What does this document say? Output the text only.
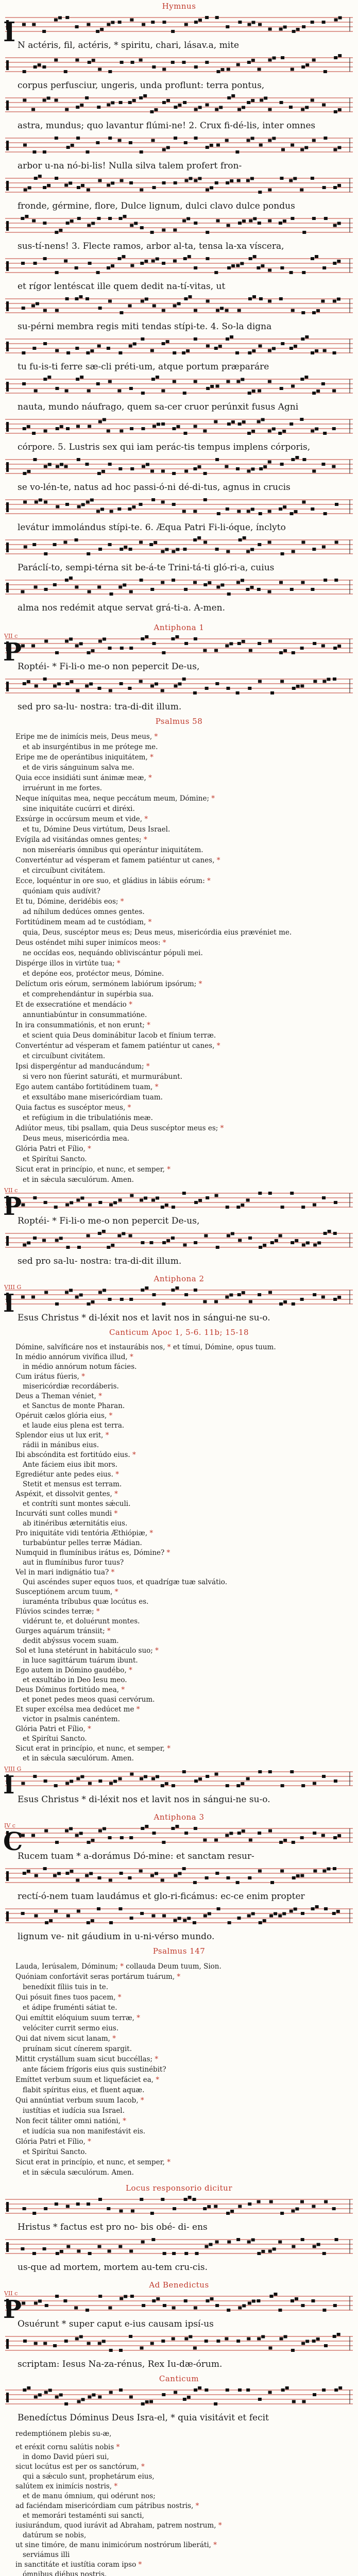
Hymnus
N actéris, fil, actéris, * spiritu, chari, lásav.a, mite
corpus perfusciur, ungeris, unda proflunt: terra pontus,
astra, mundus; quo lavantur flúmi-ne! 2. Crux fi-dé-lis, inter omnes
arbor u-na nó-bi-lis! Nulla silva talem profert fron-
fronde, gérmine, flore, Dulce lignum, dulci clavo dulce pondus
sus-tí-nens! 3. Flecte ramos, arbor al-ta, tensa la-xa víscera,
et rígor lentéscat ille quem dedit na-tí-vitas, ut
su-pérni membra regis miti tendas stípi-te. 4. So-la digna
tu fu-is-ti ferre sæ-cli préti-um, atque portum præparáre
nauta, mundo náufrago, quem sa-cer cruor perúnxit fusus Agni
córpore. 5. Lustris sex qui iam perác-tis tempus implens córporis,
se vo-lén-te, natus ad hoc passi-ó-ni dé-di-tus, agnus in crucis
levátur immolándus stípi-te. 6. Æqua Patri Fi-li-óque, ínclyto
Paráclí-to, sempi-térna sit be-á-te Trini-tá-ti gló-ri-a, cuius
alma nos redémit atque servat grá-ti-a. A-men.
I
Antiphona 1
Roptéi- * Fi-li-o me-o non pepercit De-us,
sed pro sa-lu- nostra: tra-di-dit illum.
P
VII c
Psalmus 58
Eripe me de inimícis meis, Deus meus, *
et ab insurgéntibus in me prótege me.
Eripe me de operántibus iniquitátem, *
et de viris sánguinum salva me.
Quia ecce insidiáti sunt ánimæ meæ, *
irruérunt in me fortes.
Neque iníquitas mea, neque peccátum meum, Dómine; *
sine iniquitáte cucúrri et diréxi.
Exsúrge in occúrsum meum et vide, *
et tu, Dómine Deus virtútum, Deus Israel.
Evígila ad visitándas omnes gentes; *
non miseréaris ómnibus qui operántur iniquitátem.
Converténtur ad vésperam et famem patiéntur ut canes, *
et circuíbunt civitátem.
Ecce, loquéntur in ore suo, et gládius in lábiis eórum: *
quóniam quis audívit?
Et tu, Dómine, deridébis eos; *
ad níhilum dedúces omnes gentes.
Fortitúdinem meam ad te custódiam, *
quia, Deus, suscéptor meus es; Deus meus, misericórdia eius prævéniet me.
Deus osténdet mihi super inimícos meos: *
ne occídas eos, nequándo obliviscántur pópuli mei.
Dispérge illos in virtúte tua; *
et depóne eos, protéctor meus, Dómine.
Delíctum oris eórum, sermónem labiórum ipsórum; *
et comprehendántur in supérbia sua.
Et de exsecratióne et mendácio *
annuntiabúntur in consummatióne.
In ira consummatiónis, et non erunt; *
et scient quia Deus dominábitur Iacob et fínium terræ.
Converténtur ad vésperam et famem patiéntur ut canes, *
et circuíbunt civitátem.
Ipsi dispergéntur ad manducándum; *
si vero non fúerint saturáti, et murmurábunt.
Ego autem cantábo fortitúdinem tuam, *
et exsultábo mane misericórdiam tuam.
Quia factus es suscéptor meus, *
et refúgium in die tribulatiónis meæ.
Adiútor meus, tibi psallam, quia Deus suscéptor meus es; *
Deus meus, misericórdia mea.
Glória Patri et Fílio, *
et Spirítui Sancto.
Sicut erat in princípio, et nunc, et semper, *
et in sǽcula sæculórum. Amen.
Roptéi- * Fi-li-o me-o non pepercit De-us,
sed pro sa-lu- nostra: tra-di-dit illum.
P
VII c
Antiphona 2
Esus Christus * di-léxit nos et lavit nos in sángui-ne su-o.
I
VIII G
Canticum Apoc 1, 5-6. 11b; 15-18
Dómine, salvíficáre nos et instaurábis nos, * et tímui, Dómine, opus tuum.
In médio annórum vivífica illud, *
in médio annórum notum fácies.
Cum irátus fúeris, *
misericórdiæ recordáberis.
Deus a Theman véniet, *
et Sanctus de monte Pharan.
Opéruit cælos glória eius, *
et laude eius plena est terra.
Splendor eius ut lux erit, *
rádii in mánibus eius.
Ibi abscóndita est fortitúdo eius. *
Ante fáciem eius ibit mors.
Egrediétur ante pedes eius. *
Stetit et mensus est terram.
Aspéxit, et dissolvit gentes, *
et contríti sunt montes sǽculi.
Incurváti sunt colles mundi *
ab itinéribus æternitátis eius.
Pro iniquitáte vidi tentória Æthiópiæ, *
turbabúntur pelles terræ Mádian.
Numquid in flumínibus irátus es, Dómine? *
aut in flumínibus furor tuus?
Vel in mari indignátio tua? *
Qui ascéndes super equos tuos, et quadrígæ tuæ salvátio.
Susceptiónem arcum tuum, *
iuraménta tríbubus quæ locútus es.
Flúvios scindes terræ; *
vidérunt te, et doluérunt montes.
Gurges aquárum tránsiit; *
dedit abýssus vocem suam.
Sol et luna stetérunt in habitáculo suo; *
in luce sagittárum tuárum ibunt.
Ego autem in Dómino gaudébo, *
et exsultábo in Deo Iesu meo.
Deus Dóminus fortitúdo mea, *
et ponet pedes meos quasi cervórum.
Et super excélsa mea dedúcet me *
victor in psalmis canéntem.
Glória Patri et Fílio, *
et Spirítui Sancto.
Sicut erat in princípio, et nunc, et semper, *
et in sǽcula sæculórum. Amen.
Esus Christus * di-léxit nos et lavit nos in sángui-ne su-o.
I
VIII G
Antiphona 3
Rucem tuam * a-dorámus Dó-mine: et sanctam resur-
rectí-ó-nem tuam laudámus et glo-ri-ficámus: ec-ce enim propter
lignum ve- nit gáudium in u-ni-vérso mundo.
C
IV c
Psalmus 147
Lauda, Ierúsalem, Dóminum; * collauda Deum tuum, Sion.
Quóniam confortávit seras portárum tuárum, *
benedíxit fíliis tuis in te.
Qui pósuit fines tuos pacem, *
et ádipe fruménti sátiat te.
Qui emíttit elóquium suum terræ, *
velóciter currit sermo eius.
Qui dat nivem sicut lanam, *
pruínam sicut cínerem spargit.
Mittit crystállum suam sicut buccéllas; *
ante fáciem frígoris eius quis sustinébit?
Emíttet verbum suum et liquefáciet ea, *
flabit spíritus eius, et fluent aquæ.
Qui annúntiat verbum suum Iacob, *
iustítias et iudícia sua Israel.
Non fecit táliter omni natióni, *
et iudícia sua non manifestávit eis.
Glória Patri et Fílio, *
et Spirítui Sancto.
Sicut erat in princípio, et nunc, et semper, *
et in sǽcula sæculórum. Amen.
Locus responsorio dicitur
Hristus * factus est pro no- bis obé- di- ens
us-que ad mortem, mortem au-tem cru-cis.
Ad Benedictus
Osuérunt * super caput e-ius causam ipsí-us
scriptam: Iesus Na-za-rénus, Rex Iu-dæ-órum.
P
VII c
Canticum
Benedíctus Dóminus Deus Isra-el, * quia visitávit et fecit
redemptiónem plebis su-æ,
et eréxit cornu salútis nobis *
in domo David púeri sui,
sicut locútus est per os sanctórum, *
qui a sǽculo sunt, prophetárum eius,
salútem ex inimícis nostris, *
et de manu ómnium, qui odérunt nos;
ad faciéndam misericórdiam cum pátribus nostris, *
et memorári testaménti sui sancti,
iusiurándum, quod iurávit ad Abraham, patrem nostrum, *
datúrum se nobis,
ut sine timóre, de manu inimicórum nostrórum liberáti, *
serviámus illi
in sanctitáte et iustítia coram ipso *
ómnibus diébus nostris.
